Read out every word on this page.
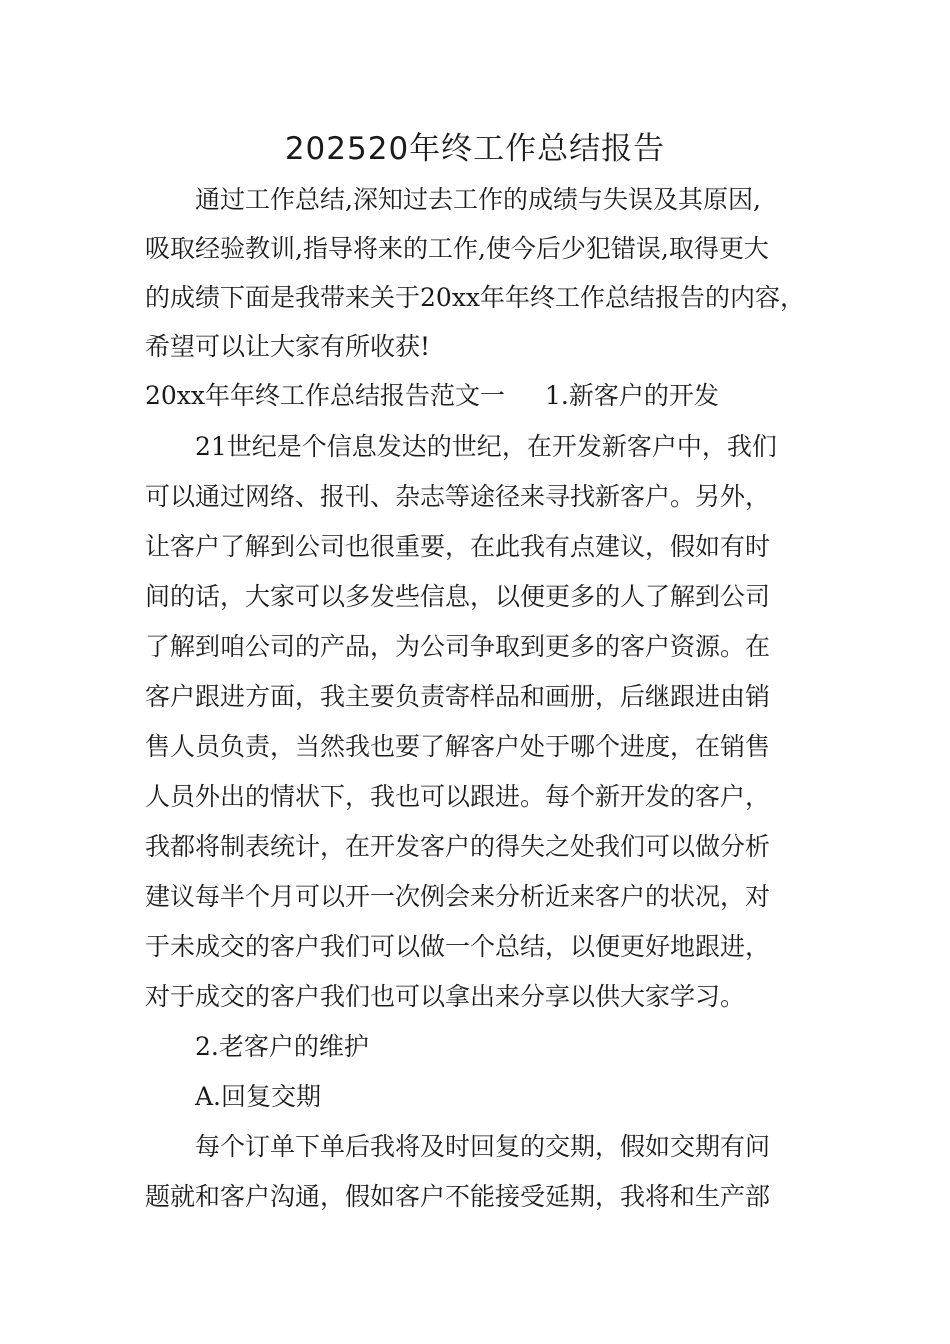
202520年终工作总结报告
通过工作总结,深知过去工作的成绩与失误及其原因,
吸取经验教训,指导将来的工作,使今后少犯错误,取得更大
的成绩下面是我带来关于20xx年年终工作总结报告的内容，
希望可以让大家有所收获!
20xx年年终工作总结报告范文一 1.新客户的开发
21世纪是个信息发达的世纪，在开发新客户中，我们
可以通过网络、报刊、杂志等途径来寻找新客户。另外，
让客户了解到公司也很重要，在此我有点建议，假如有时
间的话，大家可以多发些信息，以便更多的人了解到公司
了解到咱公司的产品，为公司争取到更多的客户资源。在
客户跟进方面，我主要负责寄样品和画册，后继跟进由销
售人员负责，当然我也要了解客户处于哪个进度，在销售
人员外出的情状下，我也可以跟进。每个新开发的客户，
我都将制表统计，在开发客户的得失之处我们可以做分析
建议每半个月可以开一次例会来分析近来客户的状况，对
于未成交的客户我们可以做一个总结，以便更好地跟进，
对于成交的客户我们也可以拿出来分享以供大家学习。
2.老客户的维护
A.回复交期
每个订单下单后我将及时回复的交期，假如交期有问
题就和客户沟通，假如客户不能接受延期，我将和生产部
